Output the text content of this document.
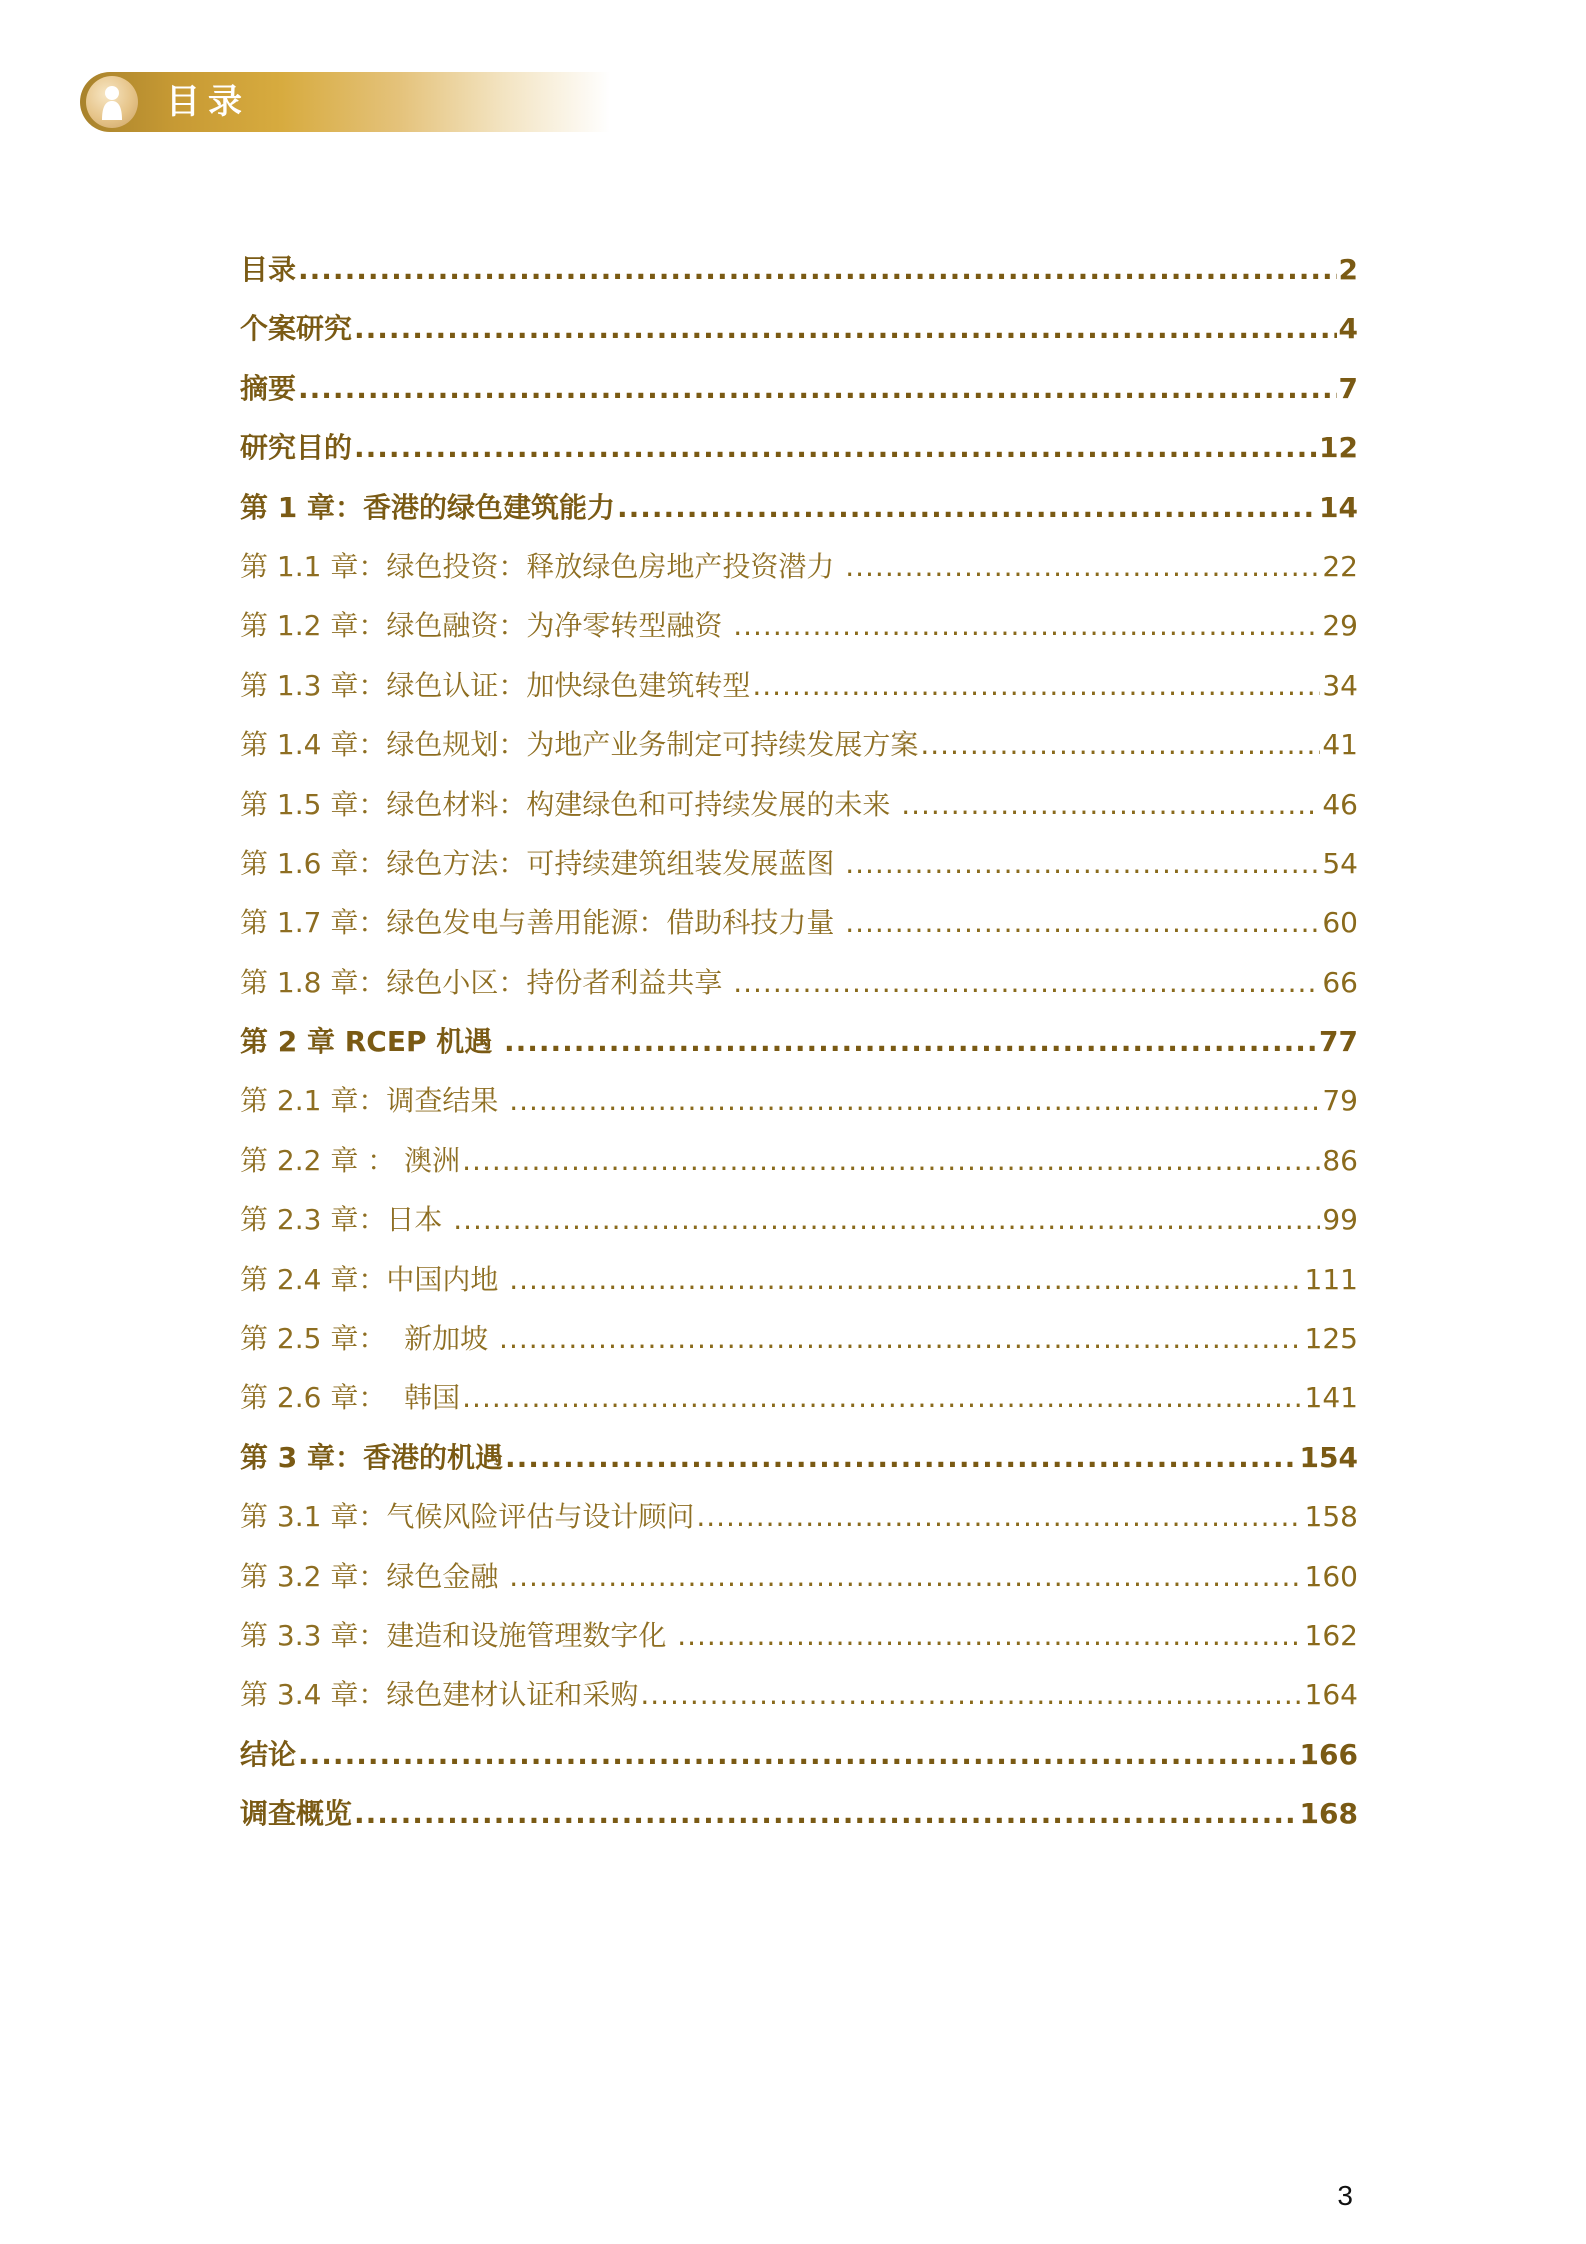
目录
目录 .....	2
个案研究 .....	4
摘要 .....	7
研究目的 .....	12
第 1 章：香港的绿色建筑能力 .....	14
第 1.1 章：绿色投资：释放绿色房地产投资潜力 .....	22
第 1.2 章：绿色融资：为净零转型融资 .....	29
第 1.3 章：绿色认证：加快绿色建筑转型 .....	34
第 1.4 章：绿色规划：为地产业务制定可持续发展方案 .....	41
第 1.5 章：绿色材料：构建绿色和可持续发展的未来 .....	46
第 1.6 章：绿色方法：可持续建筑组装发展蓝图 .....	54
第 1.7 章：绿色发电与善用能源：借助科技力量 .....	60
第 1.8 章：绿色小区：持份者利益共享 .....	66
第 2 章 RCEP 机遇 .....	77
第 2.1 章：调查结果 .....	79
第 2.2 章 ： 澳洲 .....	86
第 2.3 章：日本 .....	99
第 2.4 章：中国内地 .....	111
第 2.5 章：  新加坡 .....	125
第 2.6 章：  韩国 .....	141
第 3 章：香港的机遇 .....	154
第 3.1 章：气候风险评估与设计顾问 .....	158
第 3.2 章：绿色金融 .....	160
第 3.3 章：建造和设施管理数字化 .....	162
第 3.4 章：绿色建材认证和采购 .....	164
结论 .....	166
调查概览 .....	168
3
